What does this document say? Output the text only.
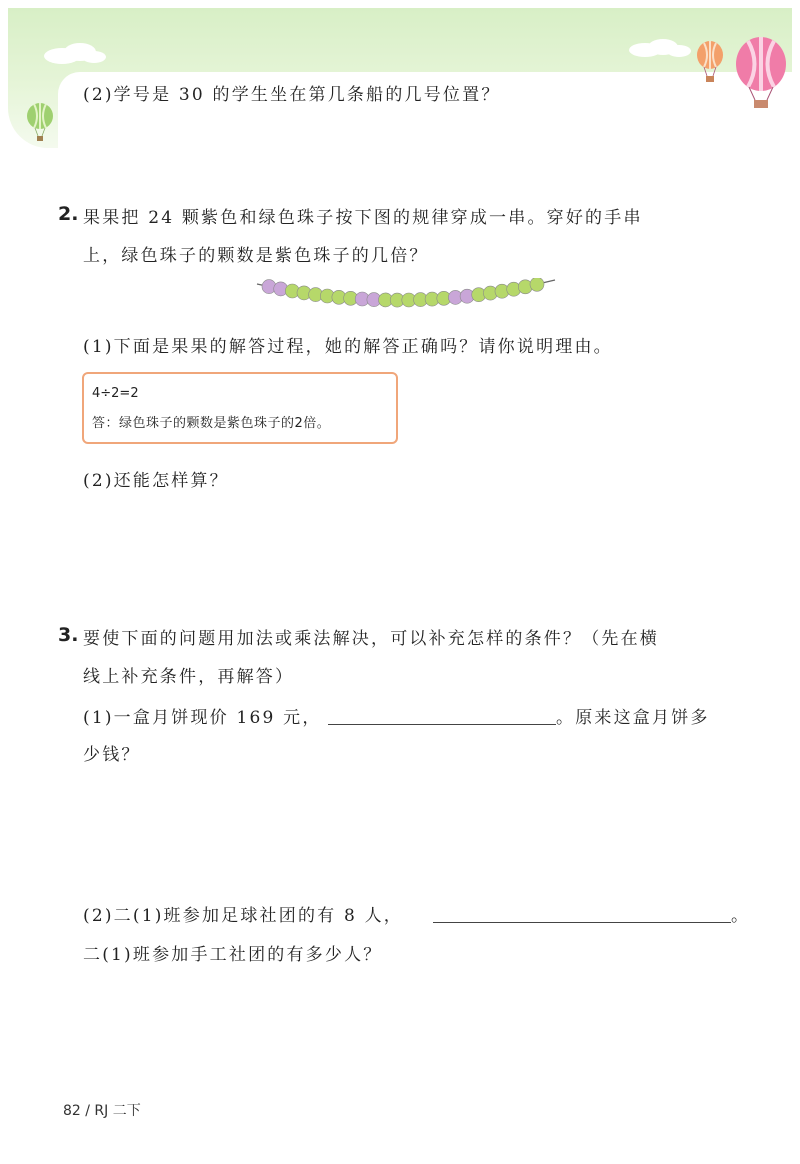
(2)学号是 30 的学生坐在第几条船的几号位置？
2. 果果把 24 颗紫色和绿色珠子按下图的规律穿成一串。穿好的手串
上，绿色珠子的颗数是紫色珠子的几倍？
(1)下面是果果的解答过程，她的解答正确吗？请你说明理由。
4÷2=2
答：绿色珠子的颗数是紫色珠子的2倍。
(2)还能怎样算？
3. 要使下面的问题用加法或乘法解决，可以补充怎样的条件？（先在横
线上补充条件，再解答）
(1)一盒月饼现价 169 元，	。原来这盒月饼多
少钱？
(2)二(1)班参加足球社团的有 8 人，	。
二(1)班参加手工社团的有多少人？
82 / RJ 二下
